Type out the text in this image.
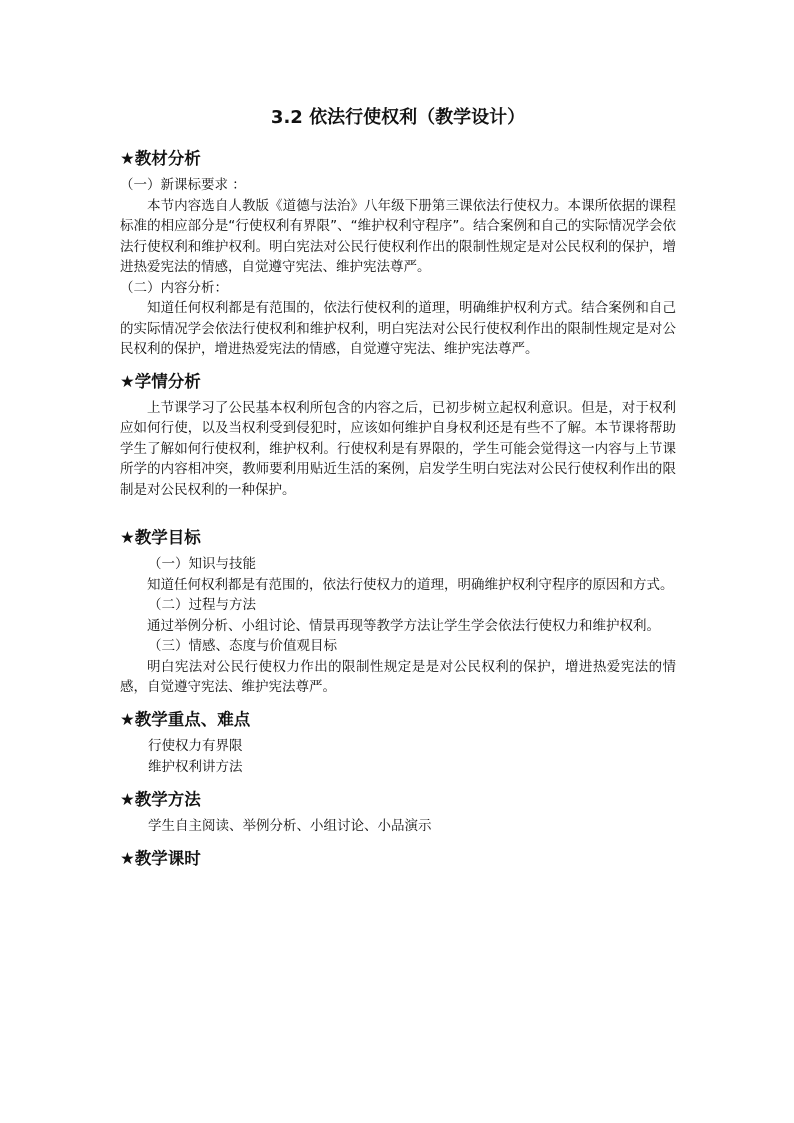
3.2 依法行使权利（教学设计）
★教材分析

（一）新课标要求 ：

本节内容选自人教版《道德与法治》八年级下册第三课依法行使权力。本课所依据的课程标准的相应部分是“行使权利有界限”、“维护权利守程序”。结合案例和自己的实际情况学会依法行使权利和维护权利。明白宪法对公民行使权利作出的限制性规定是对公民权利的保护，增进热爱宪法的情感，自觉遵守宪法、维护宪法尊严。

（二）内容分析：

知道任何权利都是有范围的，依法行使权利的道理，明确维护权利方式。结合案例和自己的实际情况学会依法行使权利和维护权利，明白宪法对公民行使权利作出的限制性规定是对公民权利的保护，增进热爱宪法的情感，自觉遵守宪法、维护宪法尊严。

★学情分析

上节课学习了公民基本权利所包含的内容之后，已初步树立起权利意识。但是，对于权利应如何行使，以及当权利受到侵犯时，应该如何维护自身权利还是有些不了解。本节课将帮助学生了解如何行使权利，维护权利。行使权利是有界限的，学生可能会觉得这一内容与上节课所学的内容相冲突，教师要利用贴近生活的案例，启发学生明白宪法对公民行使权利作出的限制是对公民权利的一种保护。

★教学目标

（一）知识与技能

知道任何权利都是有范围的，依法行使权力的道理，明确维护权利守程序的原因和方式。

（二）过程与方法

通过举例分析、小组讨论、情景再现等教学方法让学生学会依法行使权力和维护权利。

（三）情感、态度与价值观目标

明白宪法对公民行使权力作出的限制性规定是是对公民权利的保护，增进热爱宪法的情感，自觉遵守宪法、维护宪法尊严。

★教学重点、难点

行使权力有界限

维护权利讲方法

★教学方法

学生自主阅读、举例分析、小组讨论、小品演示

★教学课时
